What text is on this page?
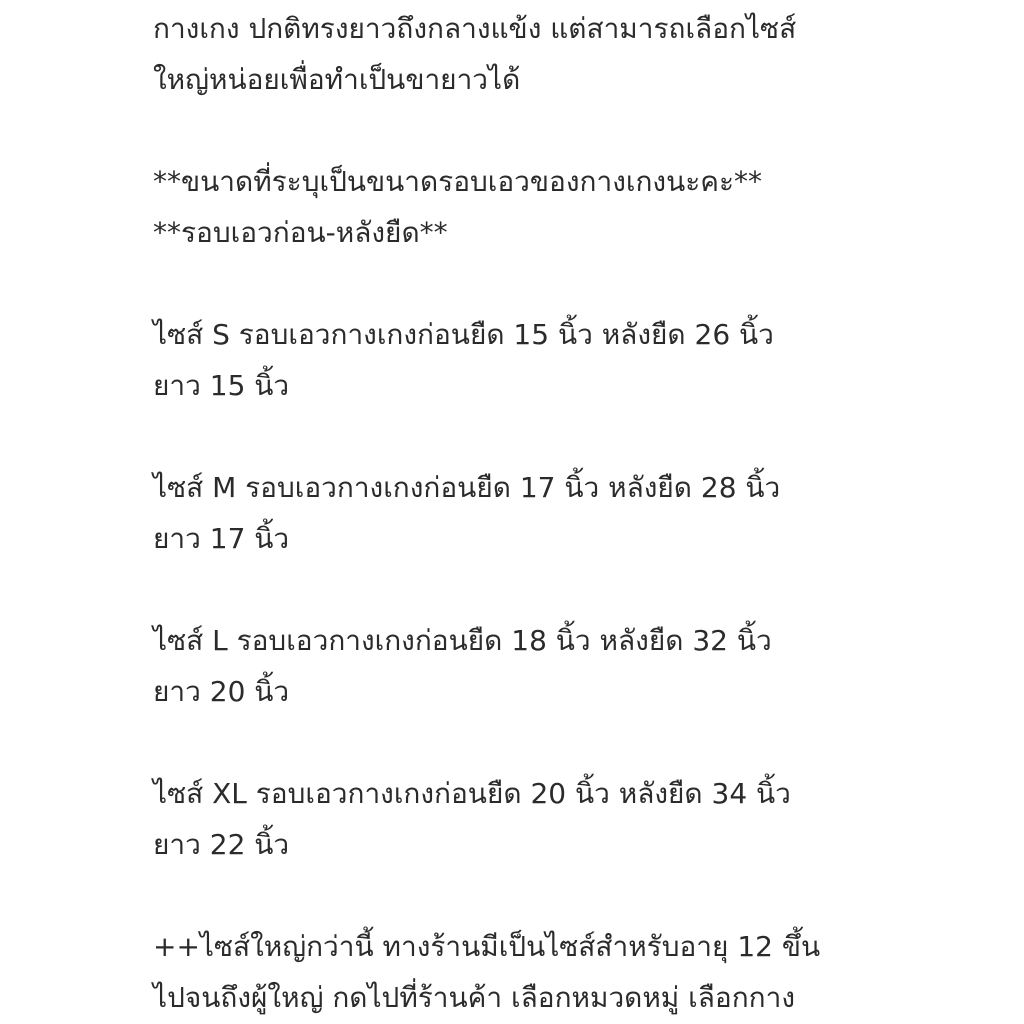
กางเกง ปกติทรงยาวถึงกลางแข้ง แต่สามารถเลือกไซส์
ใหญ่หน่อยเพื่อทำเป็นขายาวได้
**ขนาดที่ระบุเป็นขนาดรอบเอวของกางเกงนะคะ**
**รอบเอวก่อน-หลังยืด**
ไซส์ S รอบเอวกางเกงก่อนยืด 15 นิ้ว หลังยืด 26 นิ้ว
ยาว 15 นิ้ว
ไซส์ M รอบเอวกางเกงก่อนยืด 17 นิ้ว หลังยืด 28 นิ้ว
ยาว 17 นิ้ว
ไซส์ L รอบเอวกางเกงก่อนยืด 18 นิ้ว หลังยืด 32 นิ้ว
ยาว 20 นิ้ว
ไซส์ XL รอบเอวกางเกงก่อนยืด 20 นิ้ว หลังยืด 34 นิ้ว
ยาว 22 นิ้ว
++ไซส์ใหญ่กว่านี้ ทางร้านมีเป็นไซส์สำหรับอายุ 12 ขึ้น
ไปจนถึงผู้ใหญ่ กดไปที่ร้านค้า เลือกหมวดหมู่ เลือกกาง
